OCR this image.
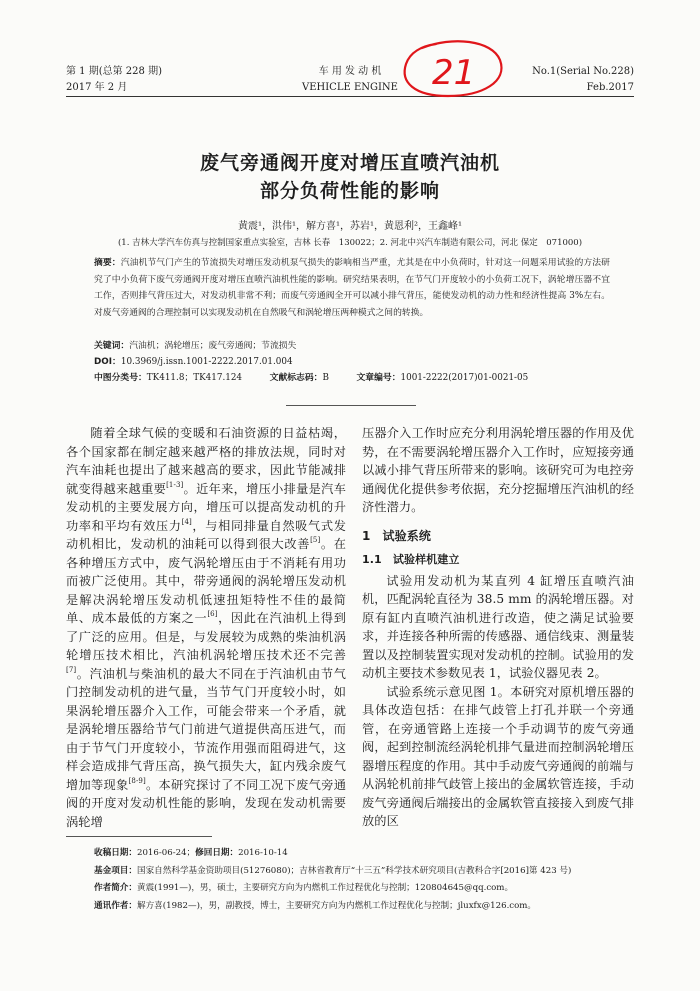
第 1 期(总第 228 期)
2017 年 2 月
车 用 发 动 机
VEHICLE ENGINE
No.1(Serial No.228)
Feb.2017
21
废气旁通阀开度对增压直喷汽油机
部分负荷性能的影响
黄震¹，洪伟¹，解方喜¹，苏岩¹，黄恩利²，王鑫峰¹
(1. 吉林大学汽车仿真与控制国家重点实验室，吉林 长春　130022；2. 河北中兴汽车制造有限公司，河北 保定　071000)
摘要：汽油机节气门产生的节流损失对增压发动机泵气损失的影响相当严重，尤其是在中小负荷时，针对这一问题采用试验的方法研究了中小负荷下废气旁通阀开度对增压直喷汽油机性能的影响。研究结果表明，在节气门开度较小的小负荷工况下，涡轮增压器不宜工作，否则排气背压过大，对发动机非常不利；而废气旁通阀全开可以减小排气背压，能使发动机的动力性和经济性提高 3%左右。对废气旁通阀的合理控制可以实现发动机在自然吸气和涡轮增压两种模式之间的转换。
关键词：汽油机；涡轮增压；废气旁通阀；节流损失
DOI：10.3969/j.issn.1001-2222.2017.01.004
中图分类号：TK411.8；TK417.124	文献标志码：B	文章编号：1001-2222(2017)01-0021-05

随着全球气候的变暖和石油资源的日益枯竭，各个国家都在制定越来越严格的排放法规，同时对汽车油耗也提出了越来越高的要求，因此节能减排就变得越来越重要[1-3]。近年来，增压小排量是汽车发动机的主要发展方向，增压可以提高发动机的升功率和平均有效压力[4]，与相同排量自然吸气式发动机相比，发动机的油耗可以得到很大改善[5]。在各种增压方式中，废气涡轮增压由于不消耗有用功而被广泛使用。其中，带旁通阀的涡轮增压发动机是解决涡轮增压发动机低速扭矩特性不佳的最简单、成本最低的方案之一[6]，因此在汽油机上得到了广泛的应用。但是，与发展较为成熟的柴油机涡轮增压技术相比，汽油机涡轮增压技术还不完善[7]。汽油机与柴油机的最大不同在于汽油机由节气门控制发动机的进气量，当节气门开度较小时，如果涡轮增压器介入工作，可能会带来一个矛盾，就是涡轮增压器给节气门前进气道提供高压进气，而由于节气门开度较小，节流作用强而阻碍进气，这样会造成排气背压高，换气损失大，缸内残余废气增加等现象[8-9]。本研究探讨了不同工况下废气旁通阀的开度对发动机性能的影响，发现在发动机需要涡轮增

压器介入工作时应充分利用涡轮增压器的作用及优势，在不需要涡轮增压器介入工作时，应短接旁通以减小排气背压所带来的影响。该研究可为电控旁通阀优化提供参考依据，充分挖掘增压汽油机的经济性潜力。

1　试验系统
1.1　试验样机建立

试验用发动机为某直列 4 缸增压直喷汽油机，匹配涡轮直径为 38.5 mm 的涡轮增压器。对原有缸内直喷汽油机进行改造，使之满足试验要求，并连接各种所需的传感器、通信线束、测量装置以及控制装置实现对发动机的控制。试验用的发动机主要技术参数见表 1，试验仪器见表 2。

试验系统示意见图 1。本研究对原机增压器的具体改造包括：在排气歧管上打孔并联一个旁通管，在旁通管路上连接一个手动调节的废气旁通阀，起到控制流经涡轮机排气量进而控制涡轮增压器增压程度的作用。其中手动废气旁通阀的前端与从涡轮机前排气歧管上接出的金属软管连接，手动废气旁通阀后端接出的金属软管直接接入到废气排放的区

收稿日期：2016-06-24；修回日期：2016-10-14
基金项目：国家自然科学基金资助项目(51276080)；吉林省教育厅“十三五”科学技术研究项目(吉教科合字[2016]第 423 号)
作者简介：黄震(1991—)，男，硕士，主要研究方向为内燃机工作过程优化与控制；120804645@qq.com。
通讯作者：解方喜(1982—)，男，副教授，博士，主要研究方向为内燃机工作过程优化与控制；jluxfx@126.com。
